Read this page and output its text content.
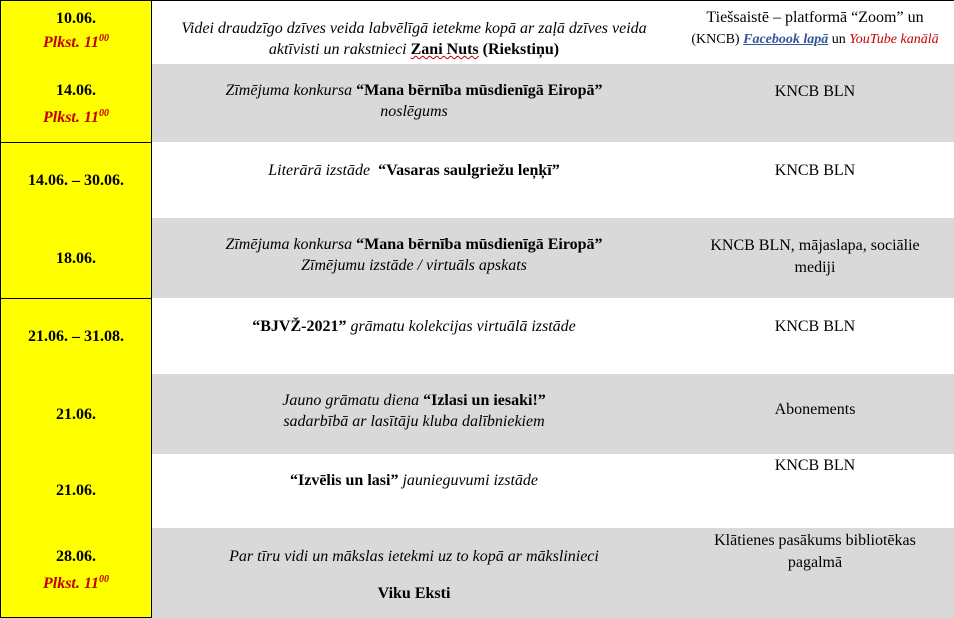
10.06.
Plkst. $11^{00}$
Videi draudzīgo dzīves veida labvēlīgā ietekme kopā ar zaļā dzīves veida aktīvisti un rakstnieci Zani Nuts (Riekstiņu)
Tiešsaistē – platformā “Zoom” un
(KNCB) Facebook lapā un YouTube kanālā
14.06.
Plkst. $11^{00}$
Zīmējuma konkursa “Mana bērnība mūsdienīgā Eiropā”
noslēgums
KNCB BLN
14.06. – 30.06.
Literārā izstāde  “Vasaras saulgriežu leņķī”	KNCB BLN
18.06.
Zīmējuma konkursa “Mana bērnība mūsdienīgā Eiropā”
Zīmējumu izstāde / virtuāls apskats
KNCB BLN, mājaslapa, sociālie
mediji
21.06. – 31.08.
“BJVŽ-2021” grāmatu kolekcijas virtuālā izstāde	KNCB BLN
21.06.
Jauno grāmatu diena “Izlasi un iesaki!”
sadarbībā ar lasītāju kluba dalībniekiem
Abonements
21.06.
“Izvēlis un lasi” jaunieguvumi izstāde
KNCB BLN
28.06.
Plkst. $11^{00}$
Par tīru vidi un mākslas ietekmi uz to kopā ar mākslinieci
Viku Eksti
Klātienes pasākums bibliotēkas
pagalmā
